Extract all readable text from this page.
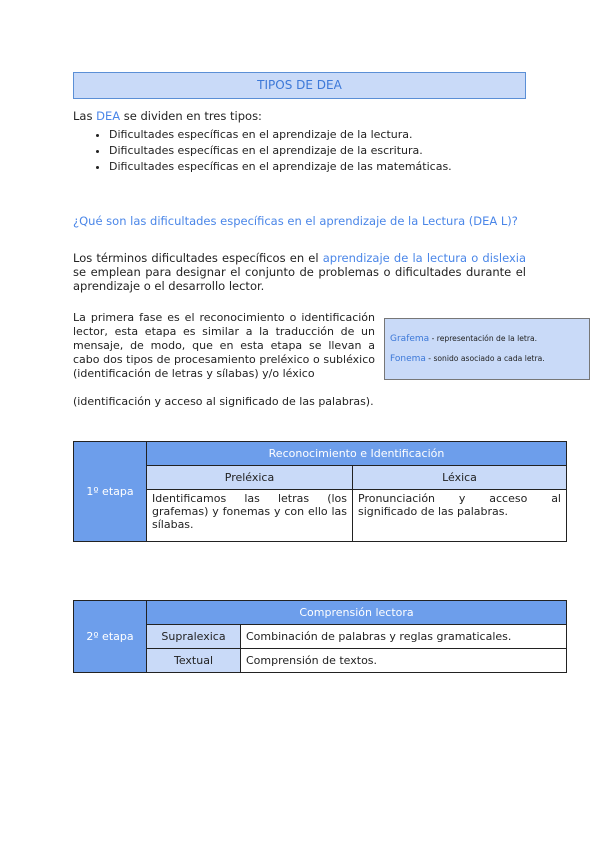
TIPOS DE DEA
Las DEA se dividen en tres tipos:
• Dificultades específicas en el aprendizaje de la lectura.
• Dificultades específicas en el aprendizaje de la escritura.
• Dificultades específicas en el aprendizaje de las matemáticas.
¿Qué son las dificultades específicas en el aprendizaje de la Lectura (DEA L)?
Los términos dificultades específicos en el aprendizaje de la lectura o dislexia se emplean para designar el conjunto de problemas o dificultades durante el aprendizaje o el desarrollo lector.
La primera fase es el reconocimiento o identificación lector, esta etapa es similar a la traducción de un mensaje, de modo, que en esta etapa se llevan a cabo dos tipos de procesamiento preléxico o subléxico (identificación de letras y sílabas) y/o léxico
(identificación y acceso al significado de las palabras).
Grafema - representación de la letra.
Fonema - sonido asociado a cada letra.
1º etapa	Reconocimiento e Identificación	
	Preléxica	Léxica
	Identificamos las letras (los grafemas) y fonemas y con ello las sílabas.	Pronunciación y acceso al significado de las palabras.
2º etapa	Comprensión lectora	
	Supralexica	Combinación de palabras y reglas gramaticales.
	Textual	Comprensión de textos.
